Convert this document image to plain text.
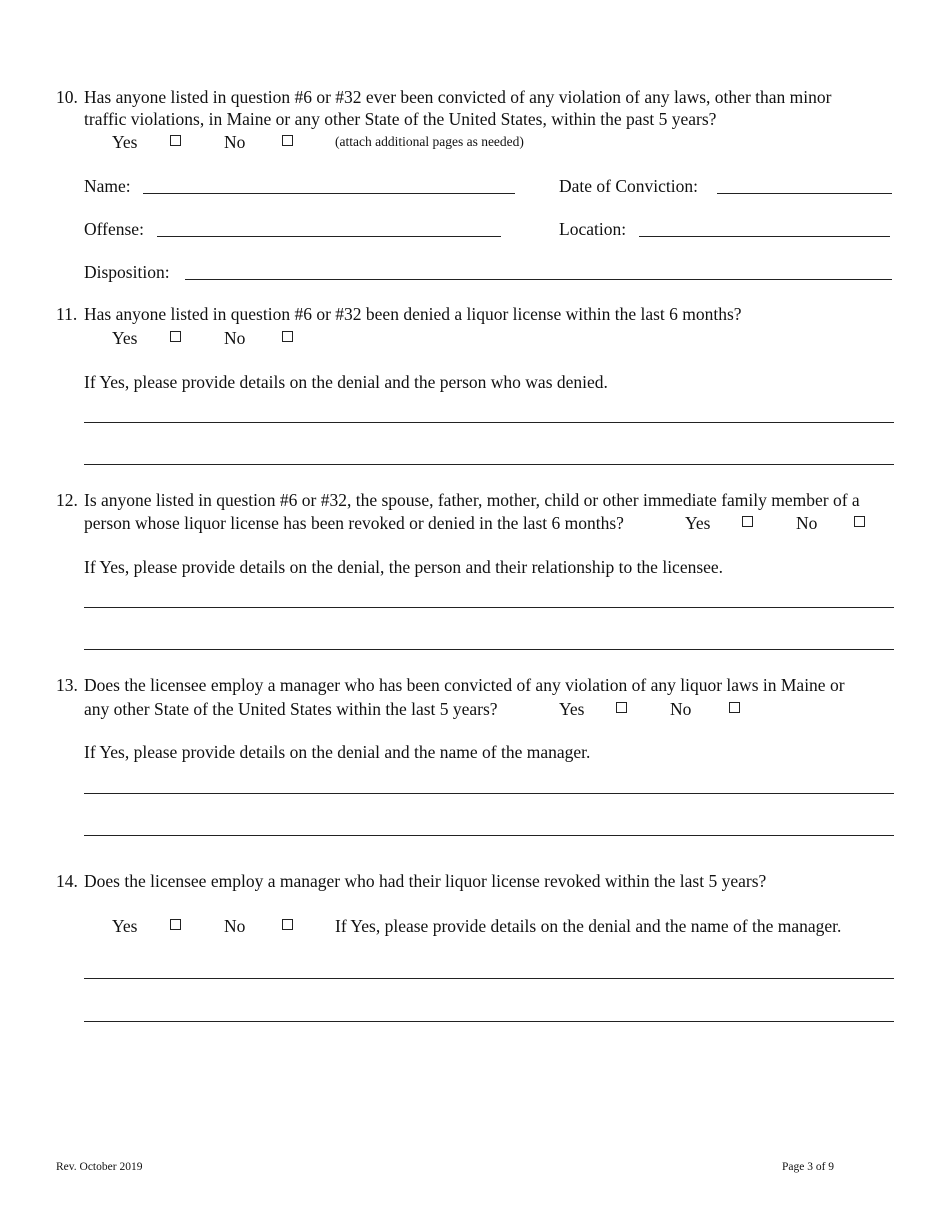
10. Has anyone listed in question #6 or #32 ever been convicted of any violation of any laws, other than minor
traffic violations, in Maine or any other State of the United States, within the past 5 years?
Yes	No	(attach additional pages as needed)
Name:	Date of Conviction:
Offense:	Location:
Disposition:
11. Has anyone listed in question #6 or #32 been denied a liquor license within the last 6 months?
Yes	No
If Yes, please provide details on the denial and the person who was denied.
12. Is anyone listed in question #6 or #32, the spouse, father, mother, child or other immediate family member of a
person whose liquor license has been revoked or denied in the last 6 months?	Yes	No
If Yes, please provide details on the denial, the person and their relationship to the licensee.
13. Does the licensee employ a manager who has been convicted of any violation of any liquor laws in Maine or
any other State of the United States within the last 5 years?	Yes	No
If Yes, please provide details on the denial and the name of the manager.
14. Does the licensee employ a manager who had their liquor license revoked within the last 5 years?
Yes	No	If Yes, please provide details on the denial and the name of the manager.
Rev. October 2019	Page 3 of 9
